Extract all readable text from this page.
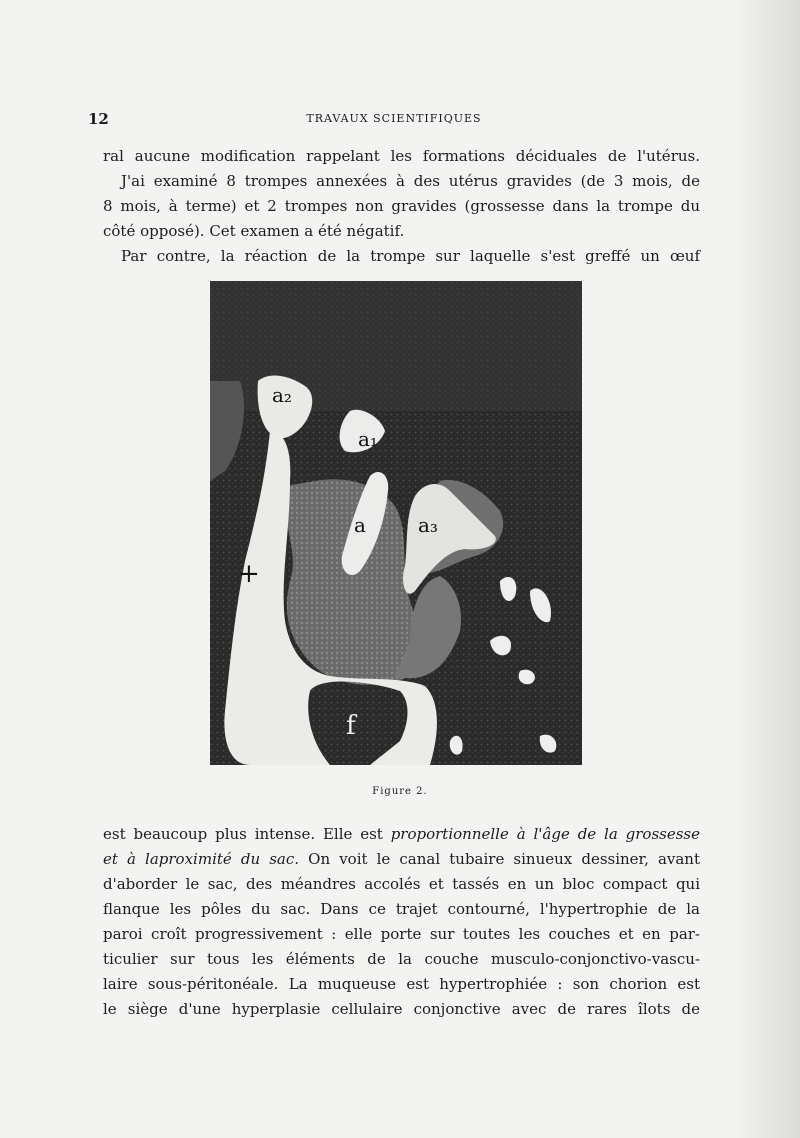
12	TRAVAUX SCIENTIFIQUES
ral aucune modification rappelant les formations déciduales de l'utérus.
J'ai examiné 8 trompes annexées à des utérus gravides (de 3 mois, de
8 mois, à terme) et 2 trompes non gravides (grossesse dans la trompe du
côté opposé). Cet examen a été négatif.
Par contre, la réaction de la trompe sur laquelle s'est greffé un œuf
a₂
a₁
a	a₃
+
f
Figure 2.
est beaucoup plus intense. Elle est proportionnelle à l'âge de la grossesse
et à laproximité du sac. On voit le canal tubaire sinueux dessiner, avant
d'aborder le sac, des méandres accolés et tassés en un bloc compact qui
flanque les pôles du sac. Dans ce trajet contourné, l'hypertrophie de la
paroi croît progressivement : elle porte sur toutes les couches et en par-
ticulier sur tous les éléments de la couche musculo-conjonctivo-vascu-
laire sous-péritonéale. La muqueuse est hypertrophiée : son chorion est
le siège d'une hyperplasie cellulaire conjonctive avec de rares îlots de
